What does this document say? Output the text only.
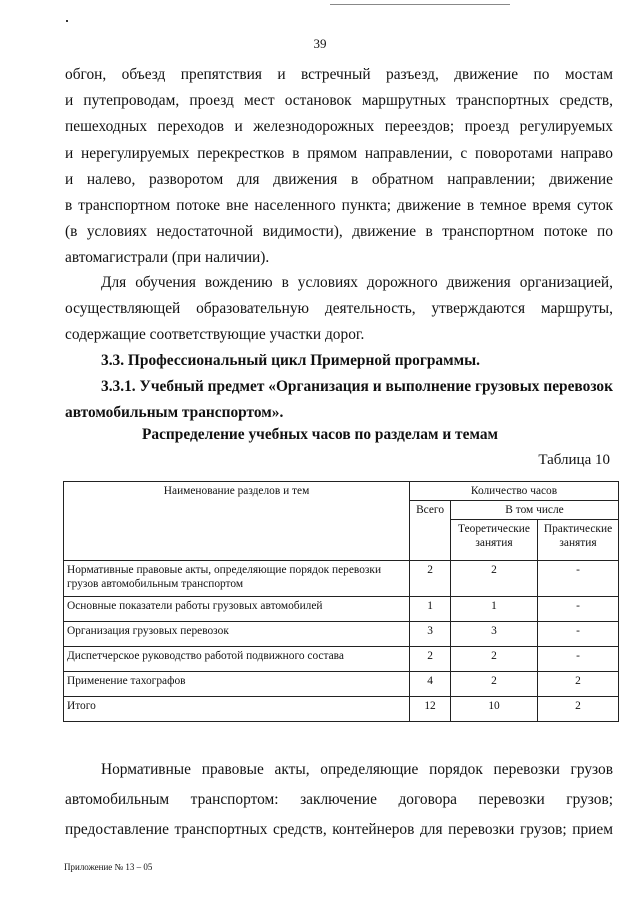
39
обгон, объезд препятствия и встречный разъезд, движение по мостам
и путепроводам, проезд мест остановок маршрутных транспортных средств,
пешеходных переходов и железнодорожных переездов; проезд регулируемых
и нерегулируемых перекрестков в прямом направлении, с поворотами направо
и налево, разворотом для движения в обратном направлении; движение
в транспортном потоке вне населенного пункта; движение в темное время суток
(в условиях недостаточной видимости), движение в транспортном потоке по
автомагистрали (при наличии).
Для обучения вождению в условиях дорожного движения организацией,
осуществляющей образовательную деятельность, утверждаются маршруты,
содержащие соответствующие участки дорог.
3.3. Профессиональный цикл Примерной программы.
3.3.1. Учебный предмет «Организация и выполнение грузовых перевозок
автомобильным транспортом».
Распределение учебных часов по разделам и темам
Таблица 10
Наименование разделов и тем	Количество часов		
	Всего	В том числе	
		Теоретические занятия	Практические занятия
Нормативные правовые акты, определяющие порядок перевозки грузов автомобильным транспортом	2	2	-
Основные показатели работы грузовых автомобилей	1	1	-
Организация грузовых перевозок	3	3	-
Диспетчерское руководство работой подвижного состава	2	2	-
Применение тахографов	4	2	2
Итого	12	10	2
Нормативные правовые акты, определяющие порядок перевозки грузов
автомобильным транспортом: заключение договора перевозки грузов;
предоставление транспортных средств, контейнеров для перевозки грузов; прием
Приложение № 13 – 05
